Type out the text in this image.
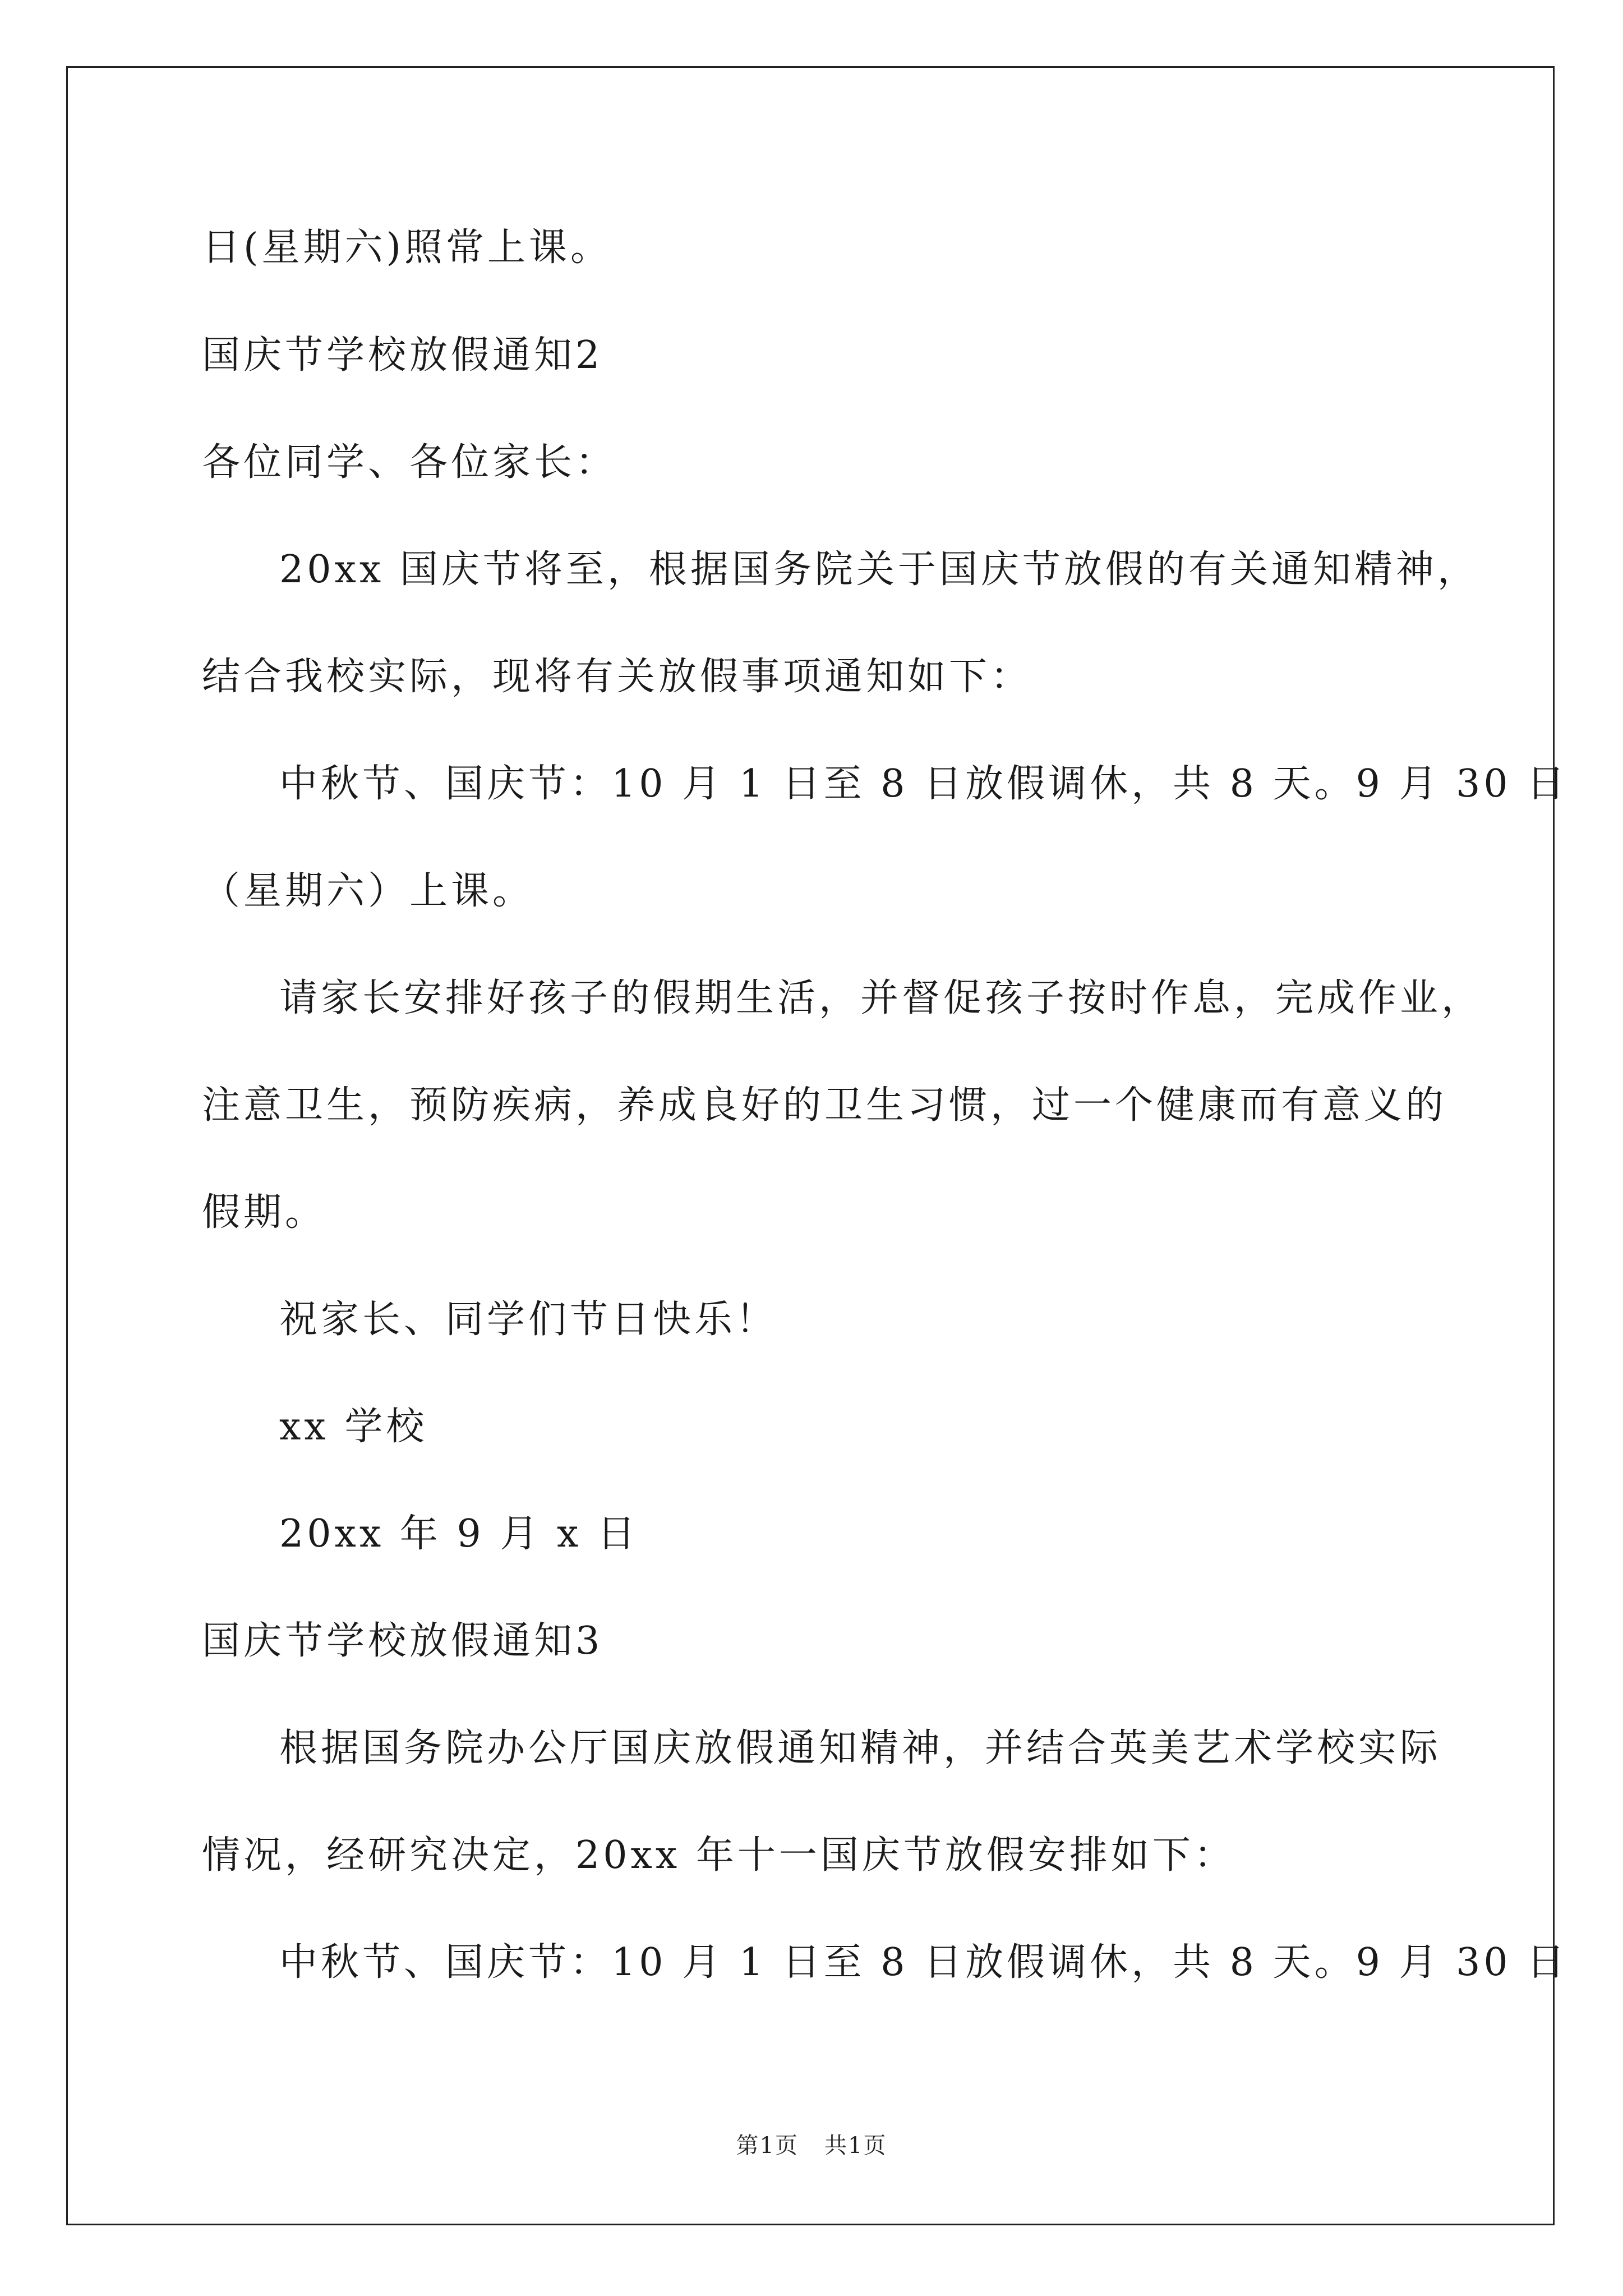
日(星期六)照常上课。
国庆节学校放假通知2
各位同学、各位家长：
20xx 国庆节将至，根据国务院关于国庆节放假的有关通知精神，
结合我校实际，现将有关放假事项通知如下：
中秋节、国庆节：10 月 1 日至 8 日放假调休，共 8 天。9 月 30 日
（星期六）上课。
请家长安排好孩子的假期生活，并督促孩子按时作息，完成作业，
注意卫生，预防疾病，养成良好的卫生习惯，过一个健康而有意义的
假期。
祝家长、同学们节日快乐！
xx 学校
20xx 年 9 月 x 日
国庆节学校放假通知3
根据国务院办公厅国庆放假通知精神，并结合英美艺术学校实际
情况，经研究决定，20xx 年十一国庆节放假安排如下：
中秋节、国庆节：10 月 1 日至 8 日放假调休，共 8 天。9 月 30 日
第1页 共1页
